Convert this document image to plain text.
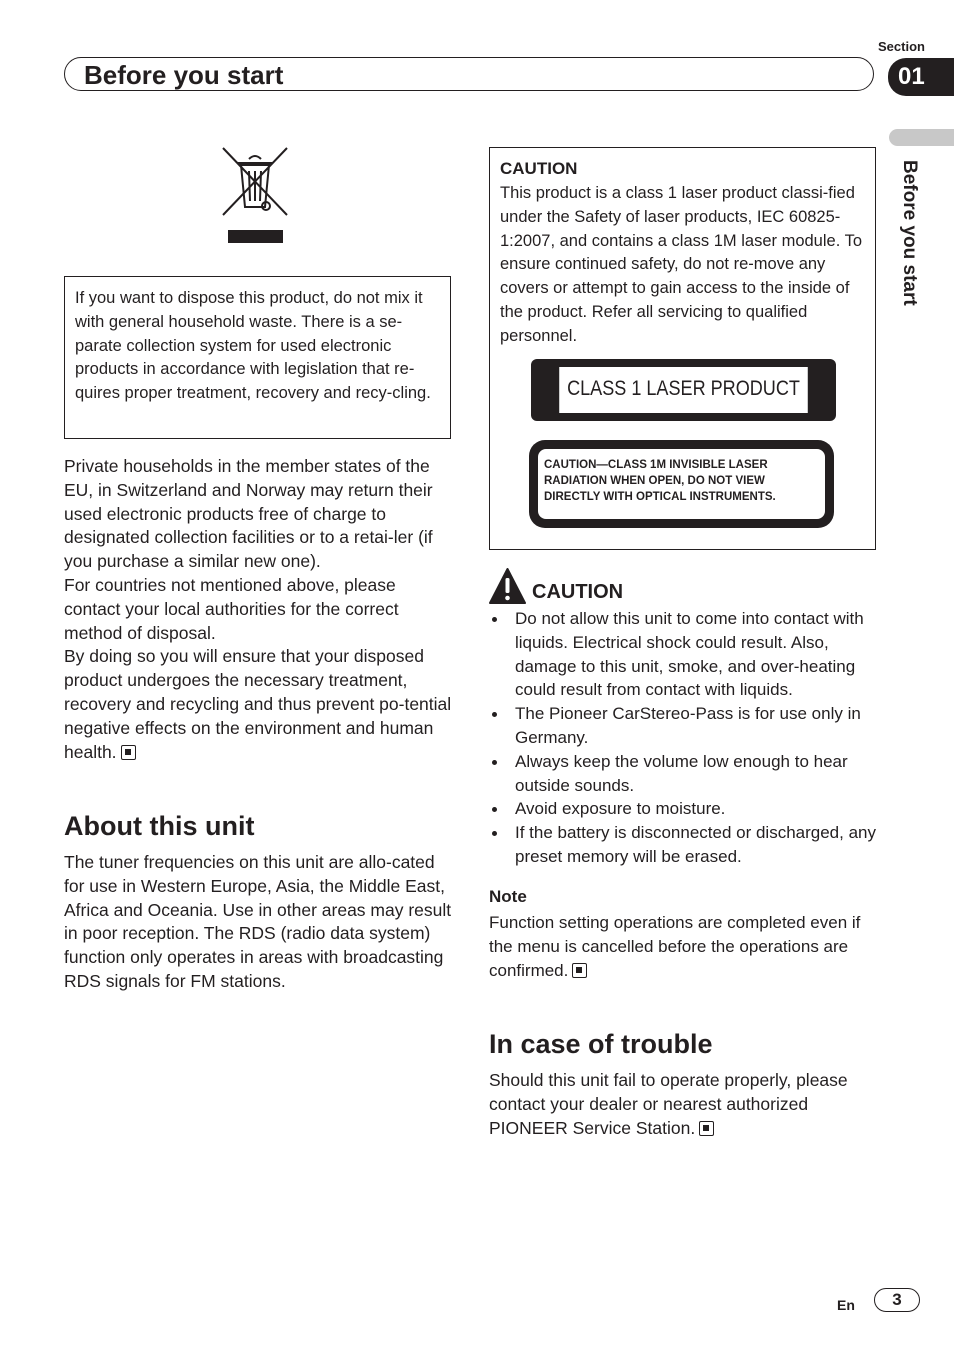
Section
Before you start	01
Before you start
If you want to dispose this product, do not mix it with general household waste. There is a se-parate collection system for used electronic products in accordance with legislation that re-quires proper treatment, recovery and recy-cling.

Private households in the member states of the EU, in Switzerland and Norway may return their used electronic products free of charge to designated collection facilities or to a retai-ler (if you purchase a similar new one).

For countries not mentioned above, please contact your local authorities for the correct method of disposal.

By doing so you will ensure that your disposed product undergoes the necessary treatment, recovery and recycling and thus prevent po-tential negative effects on the environment and human health.

About this unit

The tuner frequencies on this unit are allo-cated for use in Western Europe, Asia, the Middle East, Africa and Oceania. Use in other areas may result in poor reception. The RDS (radio data system) function only operates in areas with broadcasting RDS signals for FM stations.

CAUTION

This product is a class 1 laser product classi-fied under the Safety of laser products, IEC 60825-1:2007, and contains a class 1M laser module. To ensure continued safety, do not re-move any covers or attempt to gain access to the inside of the product. Refer all servicing to qualified personnel.

CLASS 1 LASER PRODUCT
CAUTION—CLASS 1M INVISIBLE LASER
RADIATION WHEN OPEN, DO NOT VIEW
DIRECTLY WITH OPTICAL INSTRUMENTS.
CAUTION
Do not allow this unit to come into contact with liquids. Electrical shock could result. Also, damage to this unit, smoke, and over-heating could result from contact with liquids.
The Pioneer CarStereo-Pass is for use only in Germany.
Always keep the volume low enough to hear outside sounds.
Avoid exposure to moisture.
If the battery is disconnected or discharged, any preset memory will be erased.
Note

Function setting operations are completed even if the menu is cancelled before the operations are confirmed.

In case of trouble

Should this unit fail to operate properly, please contact your dealer or nearest authorized PIONEER Service Station.

En	3
